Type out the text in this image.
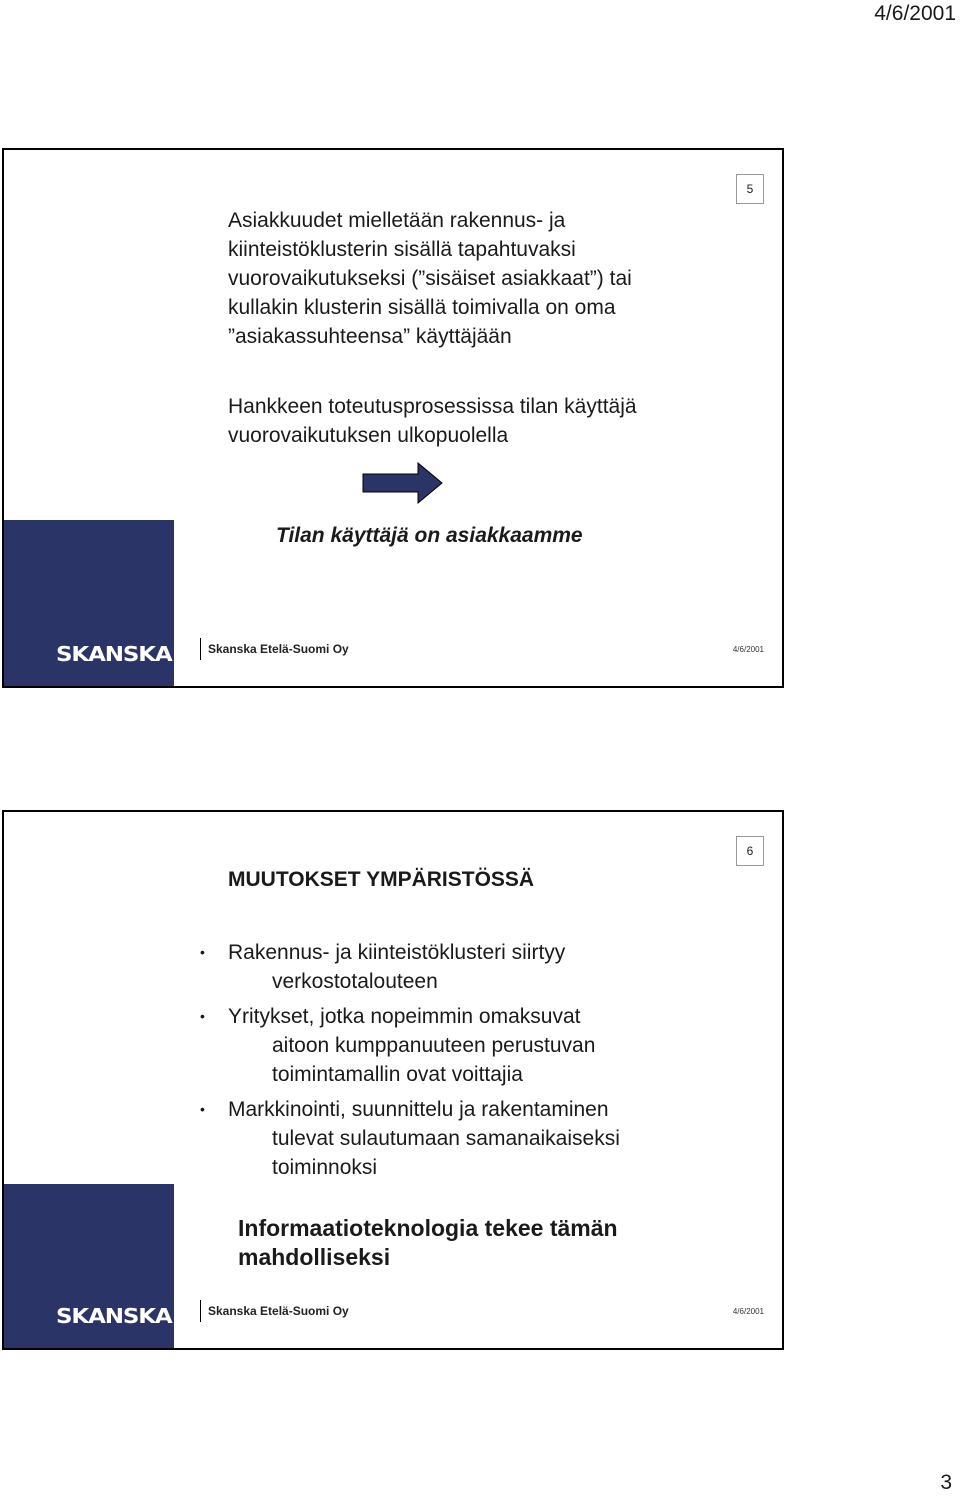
4/6/2001
5
Asiakkuudet mielletään rakennus- ja
kiinteistöklusterin sisällä tapahtuvaksi
vuorovaikutukseksi (”sisäiset asiakkaat”) tai
kullakin klusterin sisällä toimivalla on oma
”asiakassuhteensa” käyttäjään
Hankkeen toteutusprosessissa tilan käyttäjä
vuorovaikutuksen ulkopuolella
Tilan käyttäjä on asiakkaamme
SKANSKA	Skanska Etelä-Suomi Oy	4/6/2001
6
MUUTOKSET YMPÄRISTÖSSÄ
• Rakennus- ja kiinteistöklusteri siirtyy
verkostotalouteen
• Yritykset, jotka nopeimmin omaksuvat
aitoon kumppanuuteen perustuvan
toimintamallin ovat voittajia
• Markkinointi, suunnittelu ja rakentaminen
tulevat sulautumaan samanaikaiseksi
toiminnoksi
Informaatioteknologia tekee tämän
mahdolliseksi
SKANSKA	Skanska Etelä-Suomi Oy	4/6/2001
3
